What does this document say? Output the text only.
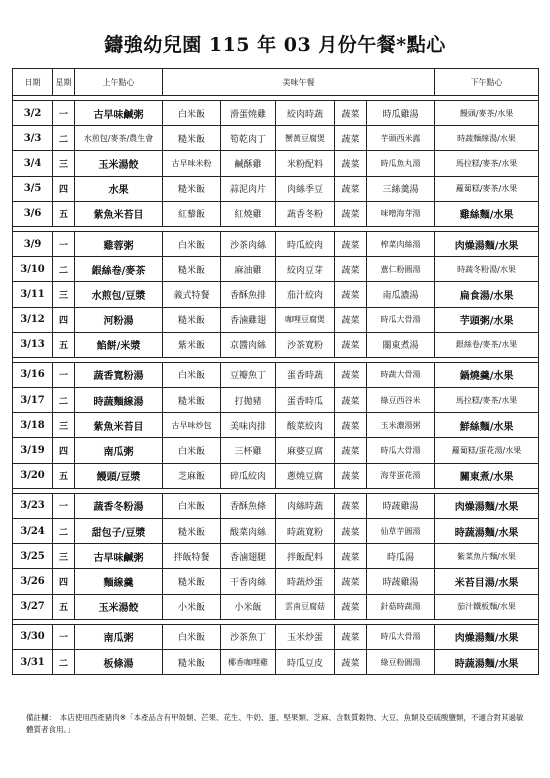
鑄強幼兒園 115 年 03 月份午餐*點心
日期	星期	上午點心	美味午餐					下午點心

3/2	一	古早味鹹粥	白米飯	滑蛋燒雞	絞肉時蔬	蔬菜	時瓜雞湯	饅頭/麥茶/水果
3/3	二	水煎包/麥茶/農生會	糙米飯	筍乾肉丁	蟹黃豆腐煲	蔬菜	芋頭西米露	時蔬麵線湯/水果
3/4	三	玉米湯餃	古早味米粉	鹹酥雞	米粉配料	蔬菜	時瓜魚丸湯	馬拉糕/麥茶/水果
3/5	四	水果	糙米飯	蒜泥肉片	肉絲季豆	蔬菜	三絲羹湯	蘿蔔糕/麥茶/水果
3/6	五	紫魚米苔目	紅藜飯	紅燒雞	蔬香冬粉	蔬菜	味噌海芽湯	雞絲麵/水果

3/9	一	雞蓉粥	白米飯	沙茶肉絲	時瓜絞肉	蔬菜	榨菜肉絲湯	肉燥湯麵/水果
3/10	二	銀絲卷/麥茶	糙米飯	麻油雞	絞肉豆芽	蔬菜	薏仁粉圓湯	時蔬冬粉湯/水果
3/11	三	水煎包/豆漿	義式特餐	香酥魚排	茄汁絞肉	蔬菜	南瓜濃湯	扁食湯/水果
3/12	四	河粉湯	糙米飯	香滷雞翅	咖哩豆腐煲	蔬菜	時瓜大骨湯	芋頭粥/水果
3/13	五	餡餅/米漿	紫米飯	京醬肉絲	沙茶寬粉	蔬菜	關東煮湯	銀絲卷/麥茶/水果

3/16	一	蔬香寬粉湯	白米飯	豆瓣魚丁	蛋香時蔬	蔬菜	時蔬大骨湯	鍋燒羹/水果
3/17	二	時蔬麵線湯	糙米飯	打拋豬	蛋香時瓜	蔬菜	綠豆西谷米	馬拉糕/麥茶/水果
3/18	三	紫魚米苔目	古早味炒包	美味肉排	酸菜絞肉	蔬菜	玉米濃湯粥	鮮絲麵/水果
3/19	四	南瓜粥	白米飯	三杯雞	麻婆豆腐	蔬菜	時瓜大骨湯	蘿蔔糕/蛋花湯/水果
3/20	五	饅頭/豆漿	芝麻飯	碎瓜絞肉	蔥燒豆腐	蔬菜	海芽蛋花湯	關東煮/水果

3/23	一	蔬香冬粉湯	白米飯	香酥魚條	肉絲時蔬	蔬菜	時蔬雞湯	肉燥湯麵/水果
3/24	二	甜包子/豆漿	糙米飯	酸菜肉絲	時蔬寬粉	蔬菜	仙草芋圓湯	時蔬湯麵/水果
3/25	三	古早味鹹粥	拌飯特餐	香滷翅腿	拌飯配料	蔬菜	時瓜湯	紫菜魚片麵/水果
3/26	四	麵線羹	糙米飯	干香肉絲	時蔬炒蛋	蔬菜	時蔬雞湯	米苔目湯/水果
3/27	五	玉米湯餃	小米飯	小米飯	雲南豆腐菇	蔬菜	針菇時蔬湯	茄汁鐵板麵/水果

3/30	一	南瓜粥	白米飯	沙茶魚丁	玉米炒蛋	蔬菜	時瓜大骨湯	肉燥湯麵/水果
3/31	二	板條湯	糙米飯	椰香咖哩雞	時瓜豆皮	蔬菜	綠豆粉圓湯	時蔬湯麵/水果
備註欄：　本店使用西產豬肉※「本產品含有甲殼類、芒果、花生、牛奶、蛋、堅果類、芝麻、含麩質穀物、大豆、魚類及亞硫酸鹽類，不適合對其過敏體質者食用。」
